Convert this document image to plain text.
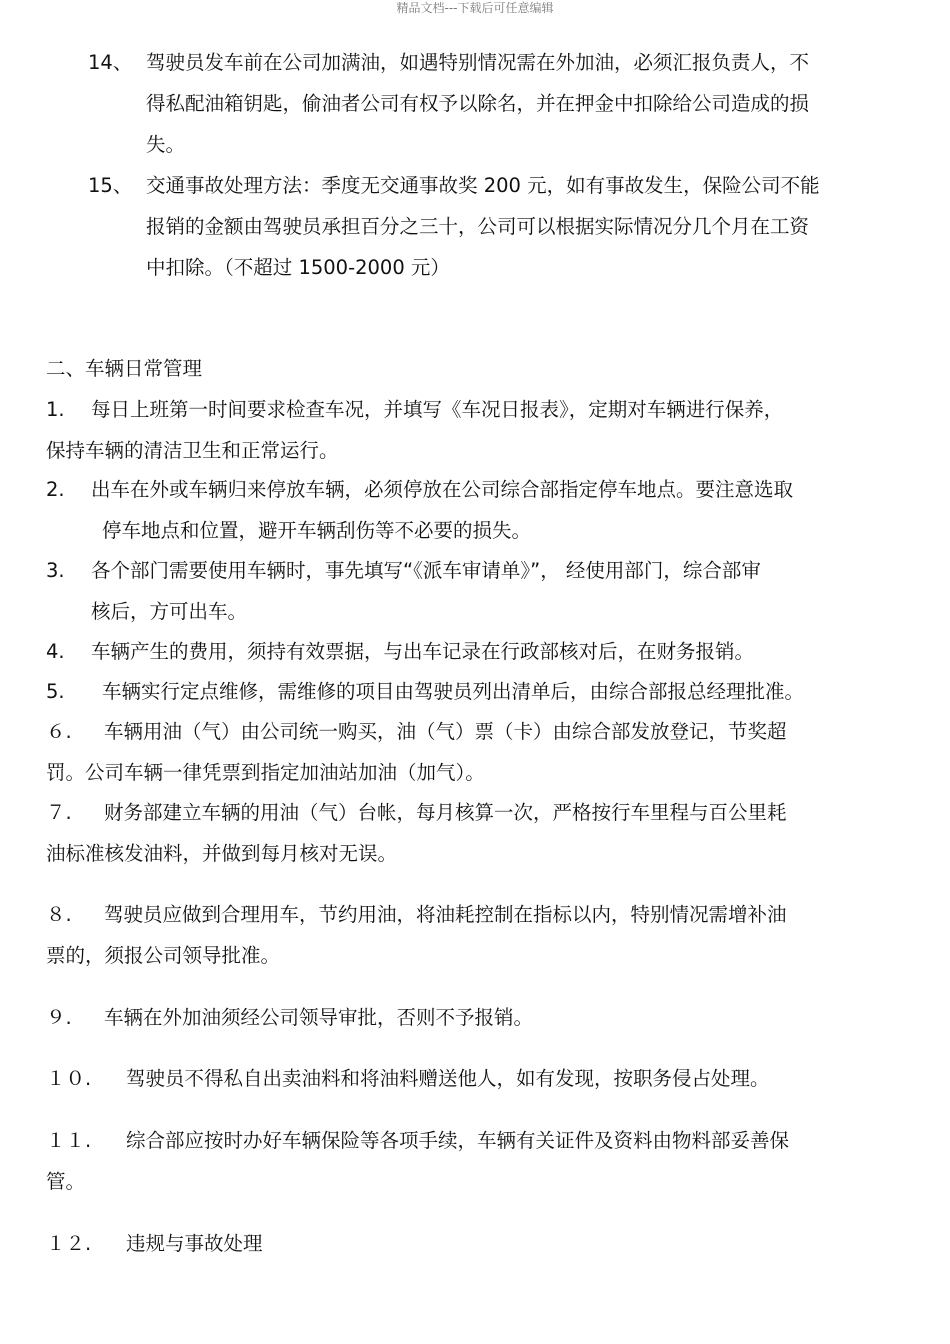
精品文档---下载后可任意编辑
14、 驾驶员发车前在公司加满油，如遇特别情况需在外加油，必须汇报负责人，不
得私配油箱钥匙，偷油者公司有权予以除名，并在押金中扣除给公司造成的损
失。
15、 交通事故处理方法：季度无交通事故奖 200 元，如有事故发生，保险公司不能
报销的金额由驾驶员承担百分之三十，公司可以根据实际情况分几个月在工资
中扣除。（不超过 1500-2000 元）
二、车辆日常管理
1. 每日上班第一时间要求检查车况，并填写《车况日报表》，定期对车辆进行保养，
保持车辆的清洁卫生和正常运行。
2. 出车在外或车辆归来停放车辆，必须停放在公司综合部指定停车地点。要注意选取
停车地点和位置，避开车辆刮伤等不必要的损失。
3. 各个部门需要使用车辆时，事先填写“《派车审请单》”， 经使用部门，综合部审
核后，方可出车。
4. 车辆产生的费用，须持有效票据，与出车记录在行政部核对后，在财务报销。
5. 车辆实行定点维修，需维修的项目由驾驶员列出清单后，由综合部报总经理批准。
６. 车辆用油（气）由公司统一购买，油（气）票（卡）由综合部发放登记，节奖超
罚。公司车辆一律凭票到指定加油站加油（加气）。
７. 财务部建立车辆的用油（气）台帐，每月核算一次，严格按行车里程与百公里耗
油标准核发油料，并做到每月核对无误。
８. 驾驶员应做到合理用车，节约用油，将油耗控制在指标以内，特别情况需增补油
票的，须报公司领导批准。
９. 车辆在外加油须经公司领导审批，否则不予报销。
１０. 驾驶员不得私自出卖油料和将油料赠送他人，如有发现，按职务侵占处理。
１１. 综合部应按时办好车辆保险等各项手续，车辆有关证件及资料由物料部妥善保
管。
１２. 违规与事故处理
